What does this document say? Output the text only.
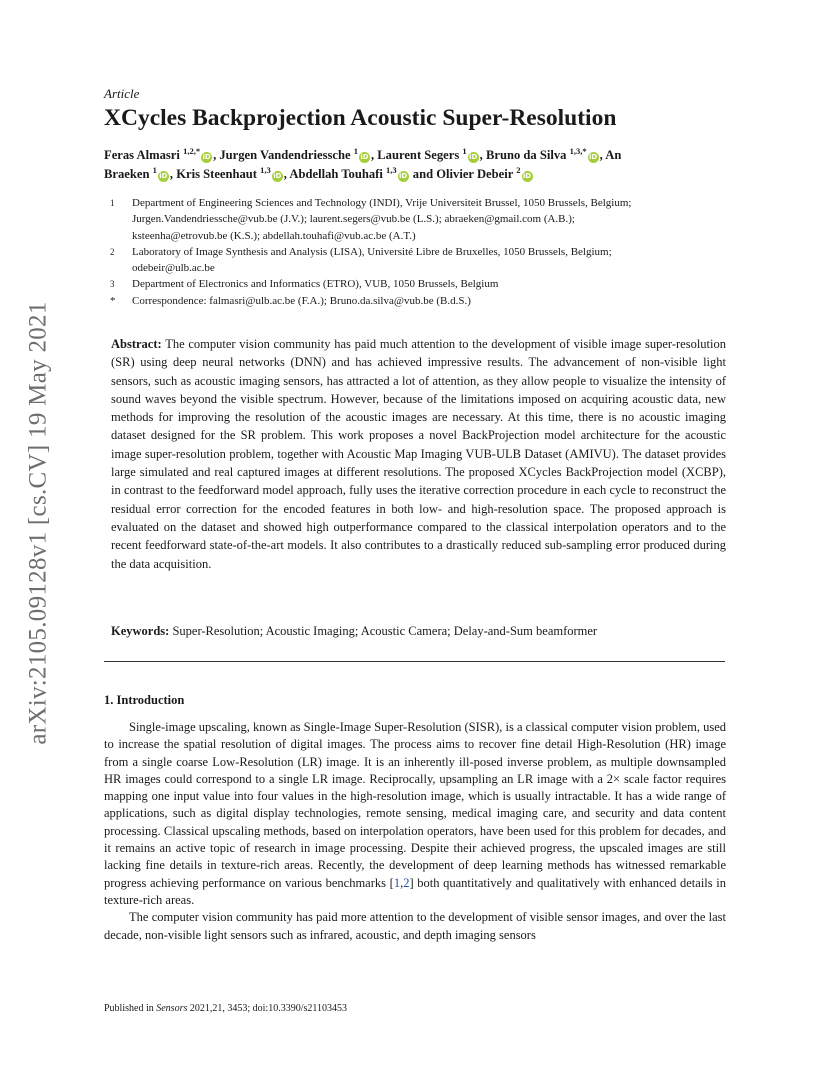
arXiv:2105.09128v1 [cs.CV] 19 May 2021
Article
XCycles Backprojection Acoustic Super-Resolution
Feras Almasri $^{1,2,*}$iD , Jurgen Vandendriessche $^1$iD , Laurent Segers $^1$iD , Bruno da Silva $^{1,3,*}$iD , An
Braeken $^1$iD , Kris Steenhaut $^{1,3}$iD , Abdellah Touhafi $^{1,3}$iD and Olivier Debeir $^2$iD
1	Department of Engineering Sciences and Technology (INDI), Vrije Universiteit Brussel, 1050 Brussels, Belgium;
Jurgen.Vandendriessche@vub.be (J.V.); laurent.segers@vub.be (L.S.); abraeken@gmail.com (A.B.);
ksteenha@etrovub.be (K.S.); abdellah.touhafi@vub.ac.be (A.T.)
2	Laboratory of Image Synthesis and Analysis (LISA), Université Libre de Bruxelles, 1050 Brussels, Belgium;
odebeir@ulb.ac.be
3	Department of Electronics and Informatics (ETRO), VUB, 1050 Brussels, Belgium
*	Correspondence: falmasri@ulb.ac.be (F.A.); Bruno.da.silva@vub.be (B.d.S.)
Abstract: The computer vision community has paid much attention to the development of visible image super-resolution (SR) using deep neural networks (DNN) and has achieved impressive results. The advancement of non-visible light sensors, such as acoustic imaging sensors, has attracted a lot of attention, as they allow people to visualize the intensity of sound waves beyond the visible spectrum. However, because of the limitations imposed on acquiring acoustic data, new methods for improving the resolution of the acoustic images are necessary. At this time, there is no acoustic imaging dataset designed for the SR problem. This work proposes a novel BackProjection model architecture for the acoustic image super-resolution problem, together with Acoustic Map Imaging VUB-ULB Dataset (AMIVU). The dataset provides large simulated and real captured images at different resolutions. The proposed XCycles BackProjection model (XCBP), in contrast to the feedforward model approach, fully uses the iterative correction procedure in each cycle to reconstruct the residual error correction for the encoded features in both low- and high-resolution space. The proposed approach is evaluated on the dataset and showed high outperformance compared to the classical interpolation operators and to the recent feedforward state-of-the-art models. It also contributes to a drastically reduced sub-sampling error produced during the data acquisition.
Keywords: Super-Resolution; Acoustic Imaging; Acoustic Camera; Delay-and-Sum beamformer
1. Introduction

Single-image upscaling, known as Single-Image Super-Resolution (SISR), is a classical computer vision problem, used to increase the spatial resolution of digital images. The process aims to recover fine detail High-Resolution (HR) image from a single coarse Low-Resolution (LR) image. It is an inherently ill-posed inverse problem, as multiple downsampled HR images could correspond to a single LR image. Reciprocally, upsampling an LR image with a 2× scale factor requires mapping one input value into four values in the high-resolution image, which is usually intractable. It has a wide range of applications, such as digital display technologies, remote sensing, medical imaging care, and security and data content processing. Classical upscaling methods, based on interpolation operators, have been used for this problem for decades, and it remains an active topic of research in image processing. Despite their achieved progress, the upscaled images are still lacking fine details in texture-rich areas. Recently, the development of deep learning methods has witnessed remarkable progress achieving performance on various benchmarks [1,2] both quantitatively and qualitatively with enhanced details in texture-rich areas.

The computer vision community has paid more attention to the development of visible sensor images, and over the last decade, non-visible light sensors such as infrared, acoustic, and depth imaging sensors

Published in Sensors 2021,21, 3453; doi:10.3390/s21103453
